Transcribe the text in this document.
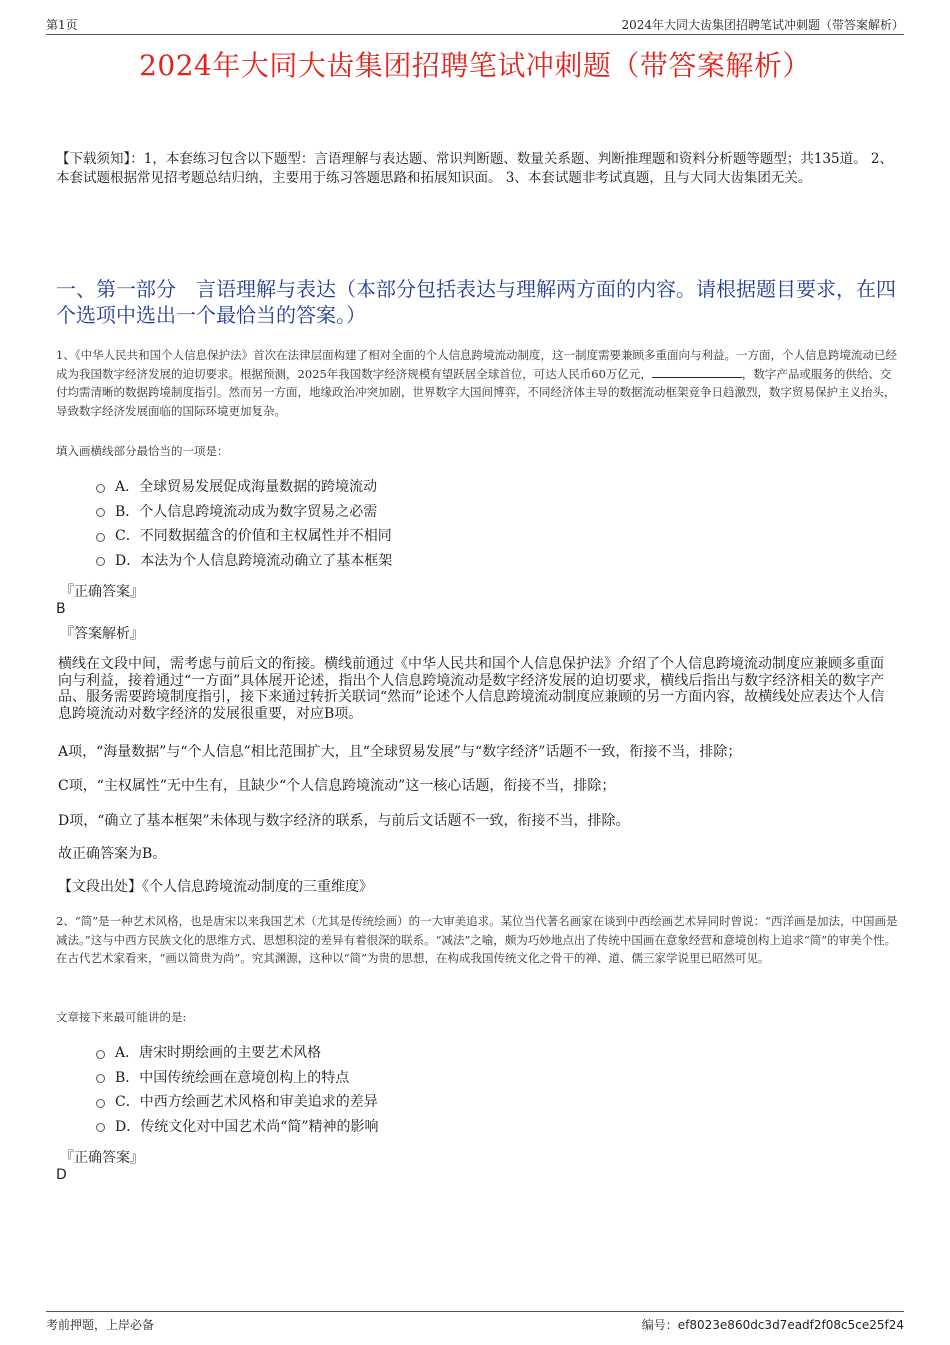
第1页	2024年大同大齿集团招聘笔试冲刺题（带答案解析）
2024年大同大齿集团招聘笔试冲刺题（带答案解析）
【下载须知】：1，本套练习包含以下题型：言语理解与表达题、常识判断题、数量关系题、判断推理题和资料分析题等题型；共135道。 2、本套试题根据常见招考题总结归纳，主要用于练习答题思路和拓展知识面。 3、本套试题非考试真题，且与大同大齿集团无关。
一、第一部分　言语理解与表达（本部分包括表达与理解两方面的内容。请根据题目要求，在四个选项中选出一个最恰当的答案。）
1、《中华人民共和国个人信息保护法》首次在法律层面构建了相对全面的个人信息跨境流动制度，这一制度需要兼顾多重面向与利益。一方面，个人信息跨境流动已经成为我国数字经济发展的迫切要求。根据预测，2025年我国数字经济规模有望跃居全球首位，可达人民币60万亿元，	，数字产品或服务的供给、交付均需清晰的数据跨境制度指引。然而另一方面，地缘政治冲突加剧，世界数字大国间博弈，不同经济体主导的数据流动框架竞争日趋激烈，数字贸易保护主义抬头，导致数字经济发展面临的国际环境更加复杂。
填入画横线部分最恰当的一项是：
A．全球贸易发展促成海量数据的跨境流动
B．个人信息跨境流动成为数字贸易之必需
C．不同数据蕴含的价值和主权属性并不相同
D．本法为个人信息跨境流动确立了基本框架
『正确答案』
B
『答案解析』
横线在文段中间，需考虑与前后文的衔接。横线前通过《中华人民共和国个人信息保护法》介绍了个人信息跨境流动制度应兼顾多重面向与利益，接着通过“一方面”具体展开论述，指出个人信息跨境流动是数字经济发展的迫切要求，横线后指出与数字经济相关的数字产品、服务需要跨境制度指引，接下来通过转折关联词“然而”论述个人信息跨境流动制度应兼顾的另一方面内容，故横线处应表达个人信息跨境流动对数字经济的发展很重要，对应B项。
A项，“海量数据”与“个人信息”相比范围扩大，且“全球贸易发展”与“数字经济”话题不一致，衔接不当，排除；
C项，“主权属性”无中生有，且缺少“个人信息跨境流动”这一核心话题，衔接不当，排除；
D项，“确立了基本框架”未体现与数字经济的联系，与前后文话题不一致，衔接不当，排除。
故正确答案为B。
【文段出处】《个人信息跨境流动制度的三重维度》
2、“简”是一种艺术风格，也是唐宋以来我国艺术（尤其是传统绘画）的一大审美追求。某位当代著名画家在谈到中西绘画艺术异同时曾说：“西洋画是加法，中国画是减法。”这与中西方民族文化的思维方式、思想积淀的差异有着很深的联系。“减法”之喻，颇为巧妙地点出了传统中国画在意象经营和意境创构上追求“简”的审美个性。在古代艺术家看来，“画以简贵为尚”。究其渊源，这种以“简”为贵的思想，在构成我国传统文化之骨干的禅、道、儒三家学说里已昭然可见。
文章接下来最可能讲的是:
A．唐宋时期绘画的主要艺术风格
B．中国传统绘画在意境创构上的特点
C．中西方绘画艺术风格和审美追求的差异
D．传统文化对中国艺术尚“简”精神的影响
『正确答案』
D
考前押题，上岸必备	编号：ef8023e860dc3d7eadf2f08c5ce25f24
